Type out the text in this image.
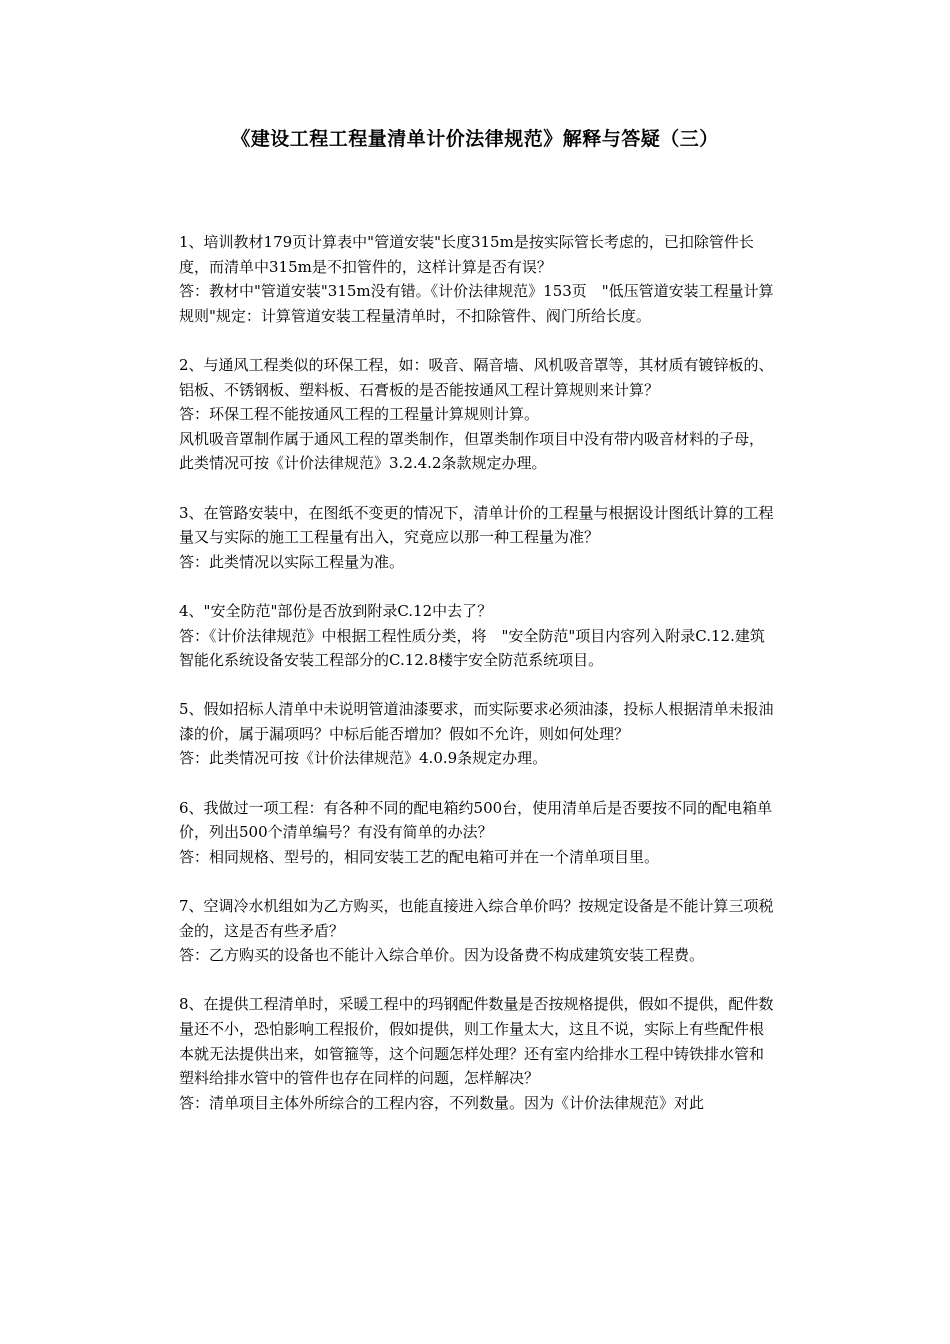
《建设工程工程量清单计价法律规范》解释与答疑（三）

1、培训教材179页计算表中"管道安装"长度315m是按实际管长考虑的，已扣除管件长度，而清单中315m是不扣管件的，这样计算是否有误？

答：教材中"管道安装"315m没有错。《计价法律规范》153页　"低压管道安装工程量计算规则"规定：计算管道安装工程量清单时，不扣除管件、阀门所给长度。

2、与通风工程类似的环保工程，如：吸音、隔音墙、风机吸音罩等，其材质有镀锌板的、铝板、不锈钢板、塑料板、石膏板的是否能按通风工程计算规则来计算？

答：环保工程不能按通风工程的工程量计算规则计算。

风机吸音罩制作属于通风工程的罩类制作，但罩类制作项目中没有带内吸音材料的子母，此类情况可按《计价法律规范》3.2.4.2条款规定办理。

3、在管路安装中，在图纸不变更的情况下，清单计价的工程量与根据设计图纸计算的工程量又与实际的施工工程量有出入，究竟应以那一种工程量为准？

答：此类情况以实际工程量为准。

4、"安全防范"部份是否放到附录C.12中去了？

答：《计价法律规范》中根据工程性质分类，将　"安全防范"项目内容列入附录C.12.建筑智能化系统设备安装工程部分的C.12.8楼宇安全防范系统项目。

5、假如招标人清单中未说明管道油漆要求，而实际要求必须油漆，投标人根据清单未报油漆的价，属于漏项吗？中标后能否增加？假如不允许，则如何处理？

答：此类情况可按《计价法律规范》4.0.9条规定办理。

6、我做过一项工程：有各种不同的配电箱约500台，使用清单后是否要按不同的配电箱单价，列出500个清单编号？有没有简单的办法？

答：相同规格、型号的，相同安装工艺的配电箱可并在一个清单项目里。

7、空调冷水机组如为乙方购买，也能直接进入综合单价吗？按规定设备是不能计算三项税金的，这是否有些矛盾？

答：乙方购买的设备也不能计入综合单价。因为设备费不构成建筑安装工程费。

8、在提供工程清单时，采暖工程中的玛钢配件数量是否按规格提供，假如不提供，配件数量还不小，恐怕影响工程报价，假如提供，则工作量太大，这且不说，实际上有些配件根本就无法提供出来，如管箍等，这个问题怎样处理？还有室内给排水工程中铸铁排水管和塑料给排水管中的管件也存在同样的问题，怎样解决？

答：清单项目主体外所综合的工程内容，不列数量。因为《计价法律规范》对此
